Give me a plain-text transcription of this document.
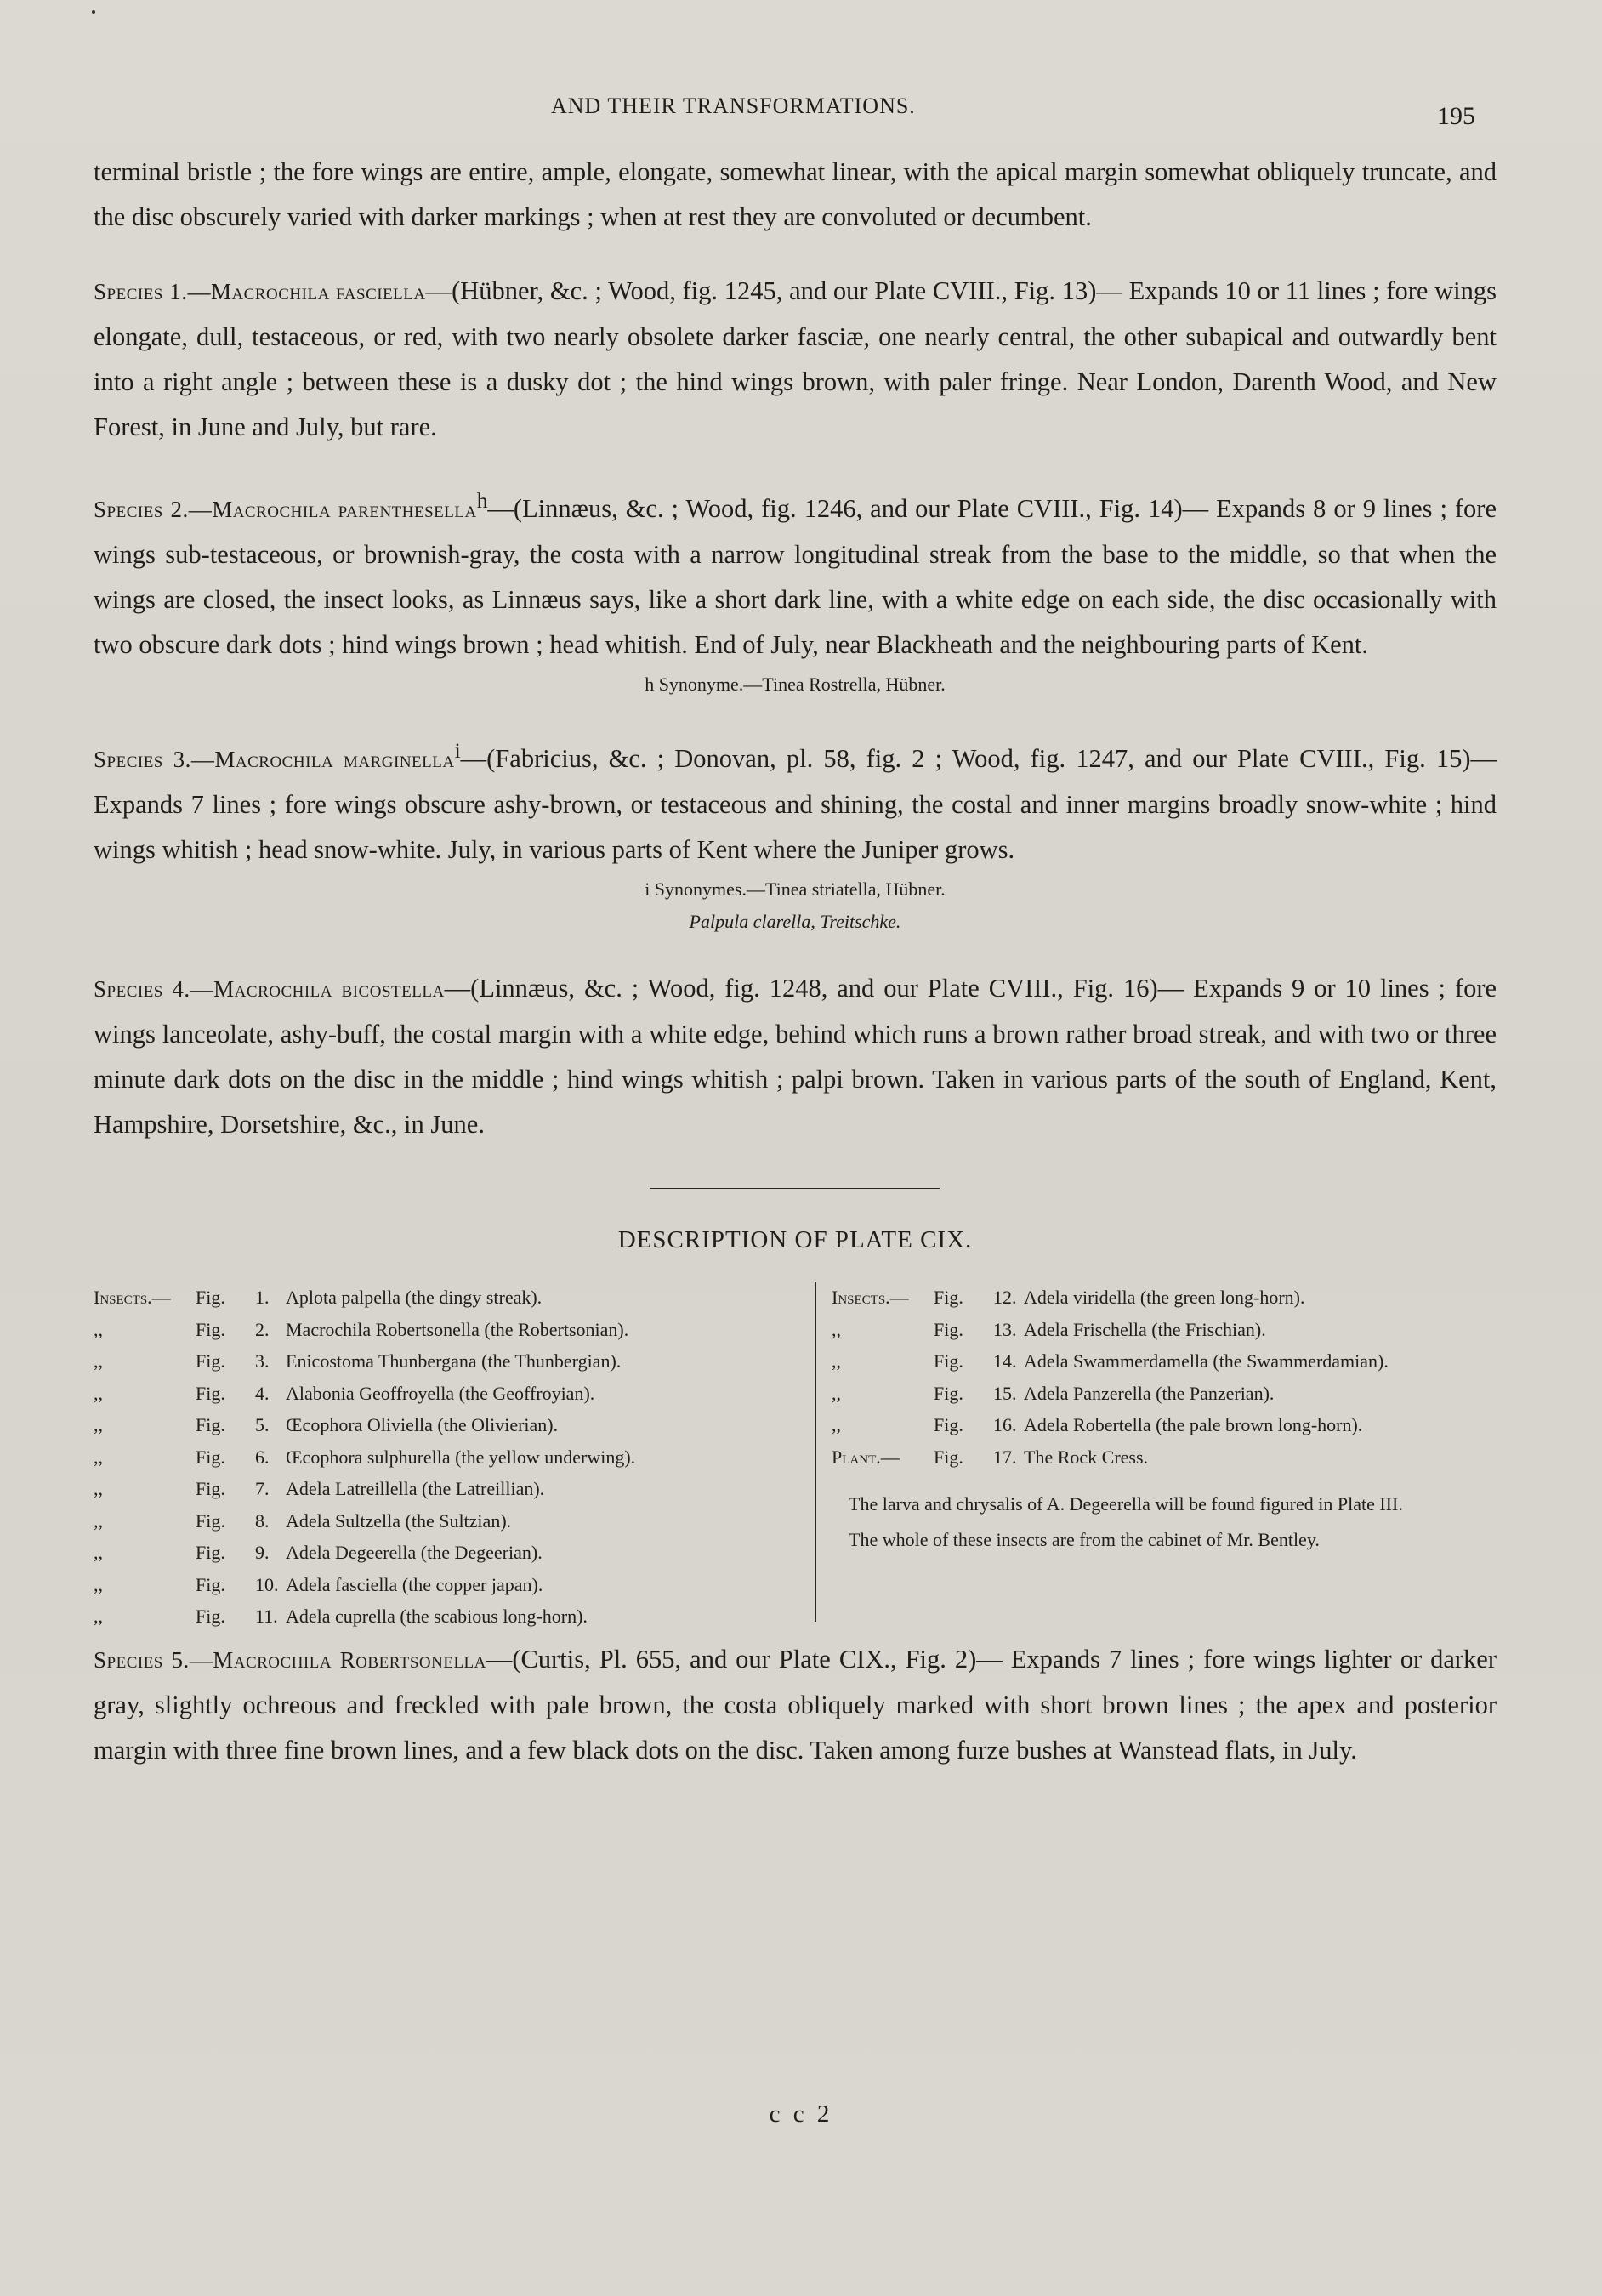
AND THEIR TRANSFORMATIONS.	195

terminal bristle ; the fore wings are entire, ample, elongate, somewhat linear, with the apical margin somewhat obliquely truncate, and the disc obscurely varied with darker markings ; when at rest they are convoluted or decumbent.

Species 1.—Macrochila fasciella—(Hübner, &c. ; Wood, fig. 1245, and our Plate CVIII., Fig. 13)— Expands 10 or 11 lines ; fore wings elongate, dull, testaceous, or red, with two nearly obsolete darker fasciæ, one nearly central, the other subapical and outwardly bent into a right angle ; between these is a dusky dot ; the hind wings brown, with paler fringe. Near London, Darenth Wood, and New Forest, in June and July, but rare.

Species 2.—Macrochila parenthesella$^h$—(Linnæus, &c. ; Wood, fig. 1246, and our Plate CVIII., Fig. 14)— Expands 8 or 9 lines ; fore wings sub-testaceous, or brownish-gray, the costa with a narrow longitudinal streak from the base to the middle, so that when the wings are closed, the insect looks, as Linnæus says, like a short dark line, with a white edge on each side, the disc occasionally with two obscure dark dots ; hind wings brown ; head whitish. End of July, near Blackheath and the neighbouring parts of Kent.

h Synonyme.—Tinea Rostrella, Hübner.

Species 3.—Macrochila marginella$^i$—(Fabricius, &c. ; Donovan, pl. 58, fig. 2 ; Wood, fig. 1247, and our Plate CVIII., Fig. 15)— Expands 7 lines ; fore wings obscure ashy-brown, or testaceous and shining, the costal and inner margins broadly snow-white ; hind wings whitish ; head snow-white. July, in various parts of Kent where the Juniper grows.

i Synonymes.—Tinea striatella, Hübner.

Palpula clarella, Treitschke.

Species 4.—Macrochila bicostella—(Linnæus, &c. ; Wood, fig. 1248, and our Plate CVIII., Fig. 16)— Expands 9 or 10 lines ; fore wings lanceolate, ashy-buff, the costal margin with a white edge, behind which runs a brown rather broad streak, and with two or three minute dark dots on the disc in the middle ; hind wings whitish ; palpi brown. Taken in various parts of the south of England, Kent, Hampshire, Dorsetshire, &c., in June.

DESCRIPTION OF PLATE CIX.

Insects.—	Fig.	1. Aplota palpella (the dingy streak).
,,	Fig.	2. Macrochila Robertsonella (the Robertsonian).
,,	Fig.	3. Enicostoma Thunbergana (the Thunbergian).
,,	Fig.	4. Alabonia Geoffroyella (the Geoffroyian).
,,	Fig.	5. Œcophora Oliviella (the Olivierian).
,,	Fig.	6. Œcophora sulphurella (the yellow underwing).
,,	Fig.	7. Adela Latreillella (the Latreillian).
,,	Fig.	8. Adela Sultzella (the Sultzian).
,,	Fig.	9. Adela Degeerella (the Degeerian).
,,	Fig.	10. Adela fasciella (the copper japan).
,,	Fig.	11. Adela cuprella (the scabious long-horn).
Insects.—	Fig.	12. Adela viridella (the green long-horn).
,,	Fig.	13. Adela Frischella (the Frischian).
,,	Fig.	14. Adela Swammerdamella (the Swammerdamian).
,,	Fig.	15. Adela Panzerella (the Panzerian).
,,	Fig.	16. Adela Robertella (the pale brown long-horn).
Plant.—	Fig.	17. The Rock Cress.

The larva and chrysalis of A. Degeerella will be found figured in Plate III.

The whole of these insects are from the cabinet of Mr. Bentley.

Species 5.—Macrochila Robertsonella—(Curtis, Pl. 655, and our Plate CIX., Fig. 2)— Expands 7 lines ; fore wings lighter or darker gray, slightly ochreous and freckled with pale brown, the costa obliquely marked with short brown lines ; the apex and posterior margin with three fine brown lines, and a few black dots on the disc. Taken among furze bushes at Wanstead flats, in July.

c c 2
